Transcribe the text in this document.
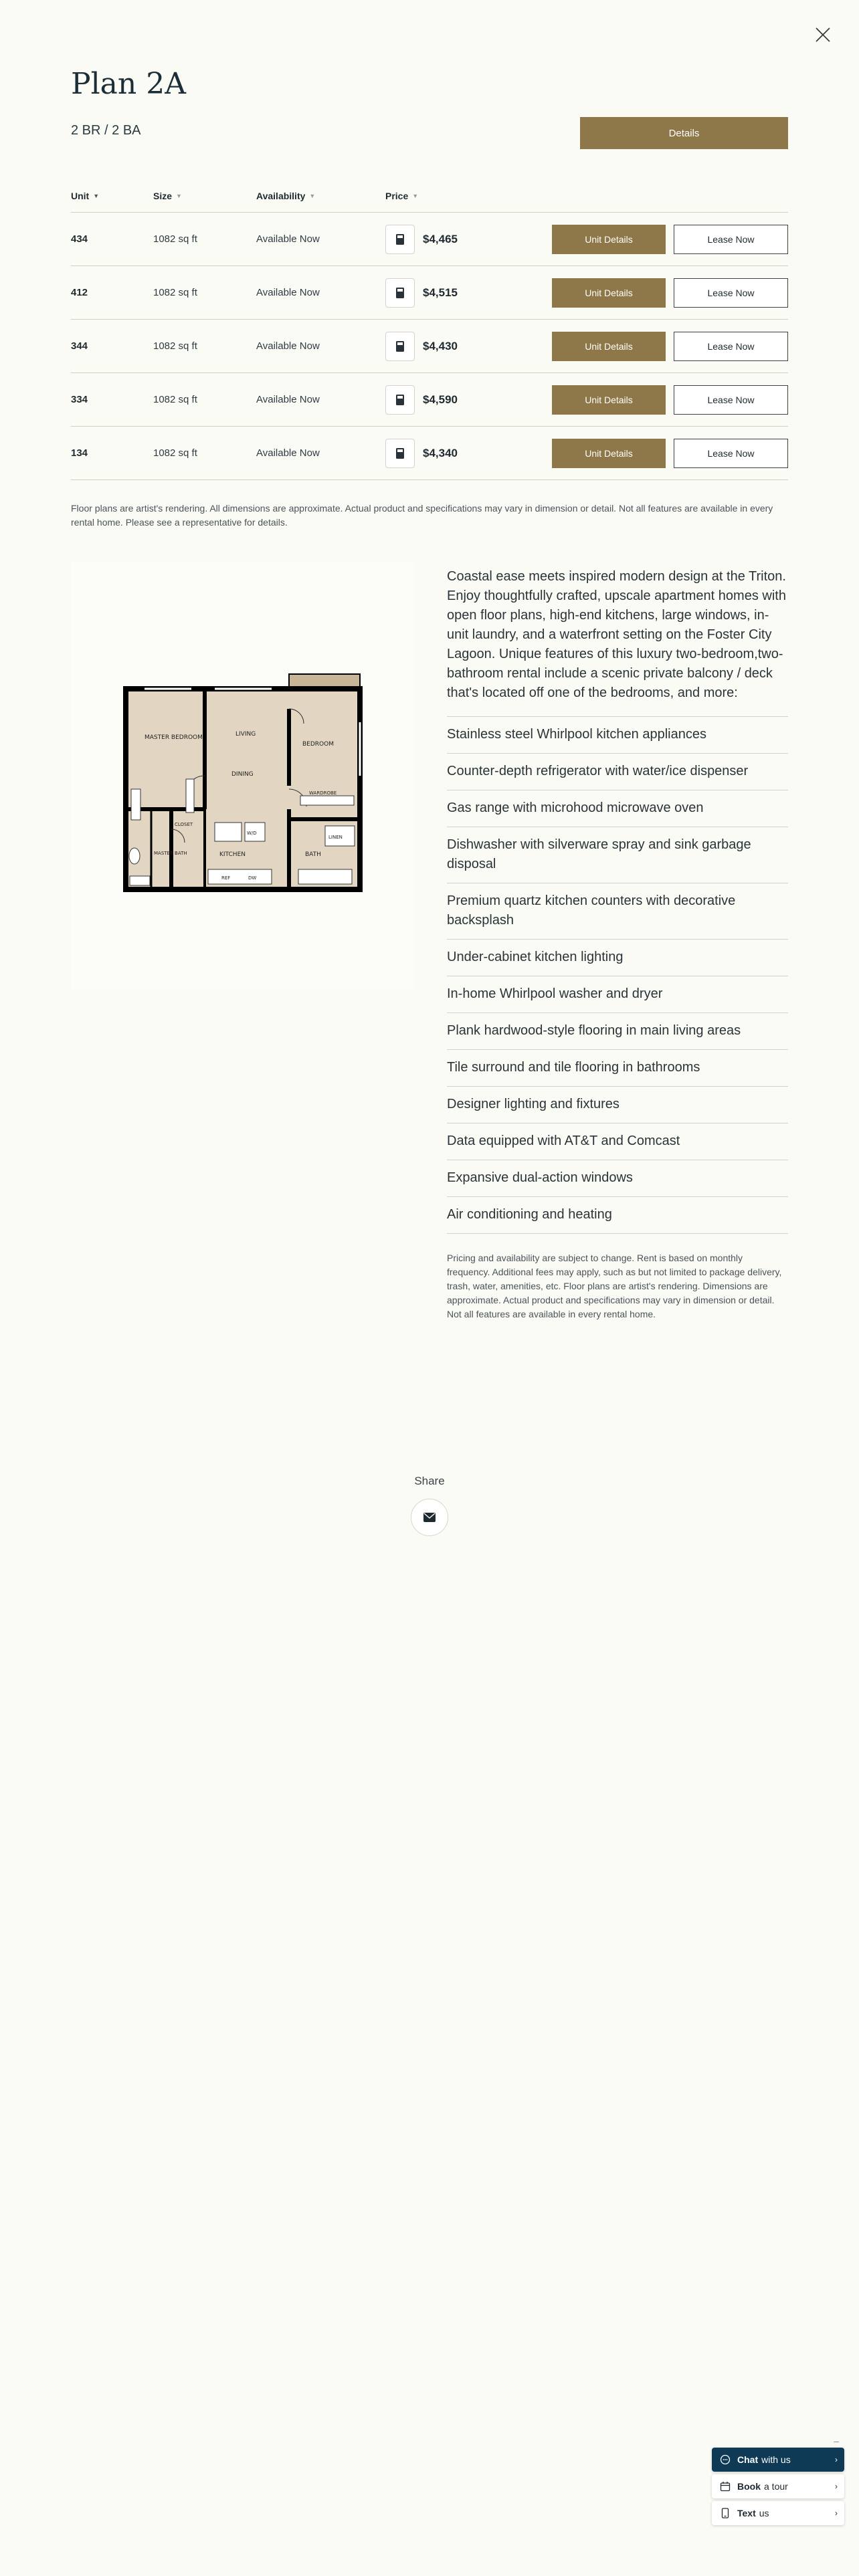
Plan 2A
2 BR / 2 BA	Details
Unit ▼	Size ▼	Availability ▼	Price ▼
434	1082 sq ft	Available Now	$4,465	Unit Details	Lease Now
412	1082 sq ft	Available Now	$4,515	Unit Details	Lease Now
344	1082 sq ft	Available Now	$4,430	Unit Details	Lease Now
334	1082 sq ft	Available Now	$4,590	Unit Details	Lease Now
134	1082 sq ft	Available Now	$4,340	Unit Details	Lease Now

Floor plans are artist's rendering. All dimensions are approximate. Actual product and specifications may vary in dimension or detail. Not all features are available in every rental home. Please see a representative for details.

MASTER BEDROOM	LIVING
BEDROOM
DINING
WARDROBE
KITCHEN	BATH
MASTER BATH
CLOSET
LINEN
W/D
REF	DW

Coastal ease meets inspired modern design at the Triton. Enjoy thoughtfully crafted, upscale apartment homes with open floor plans, high-end kitchens, large windows, in-unit laundry, and a waterfront setting on the Foster City Lagoon. Unique features of this luxury two-bedroom,two-bathroom rental include a scenic private balcony / deck that's located off one of the bedrooms, and more:

Stainless steel Whirlpool kitchen appliances
Counter-depth refrigerator with water/ice dispenser
Gas range with microhood microwave oven
Dishwasher with silverware spray and sink garbage disposal
Premium quartz kitchen counters with decorative backsplash
Under-cabinet kitchen lighting
In-home Whirlpool washer and dryer
Plank hardwood-style flooring in main living areas
Tile surround and tile flooring in bathrooms
Designer lighting and fixtures
Data equipped with AT&T and Comcast
Expansive dual-action windows
Air conditioning and heating

Pricing and availability are subject to change. Rent is based on monthly frequency. Additional fees may apply, such as but not limited to package delivery, trash, water, amenities, etc. Floor plans are artist's rendering. Dimensions are approximate. Actual product and specifications may vary in dimension or detail. Not all features are available in every rental home.

Share
–
Chat with us	›
Book a tour	›
Text us	›
